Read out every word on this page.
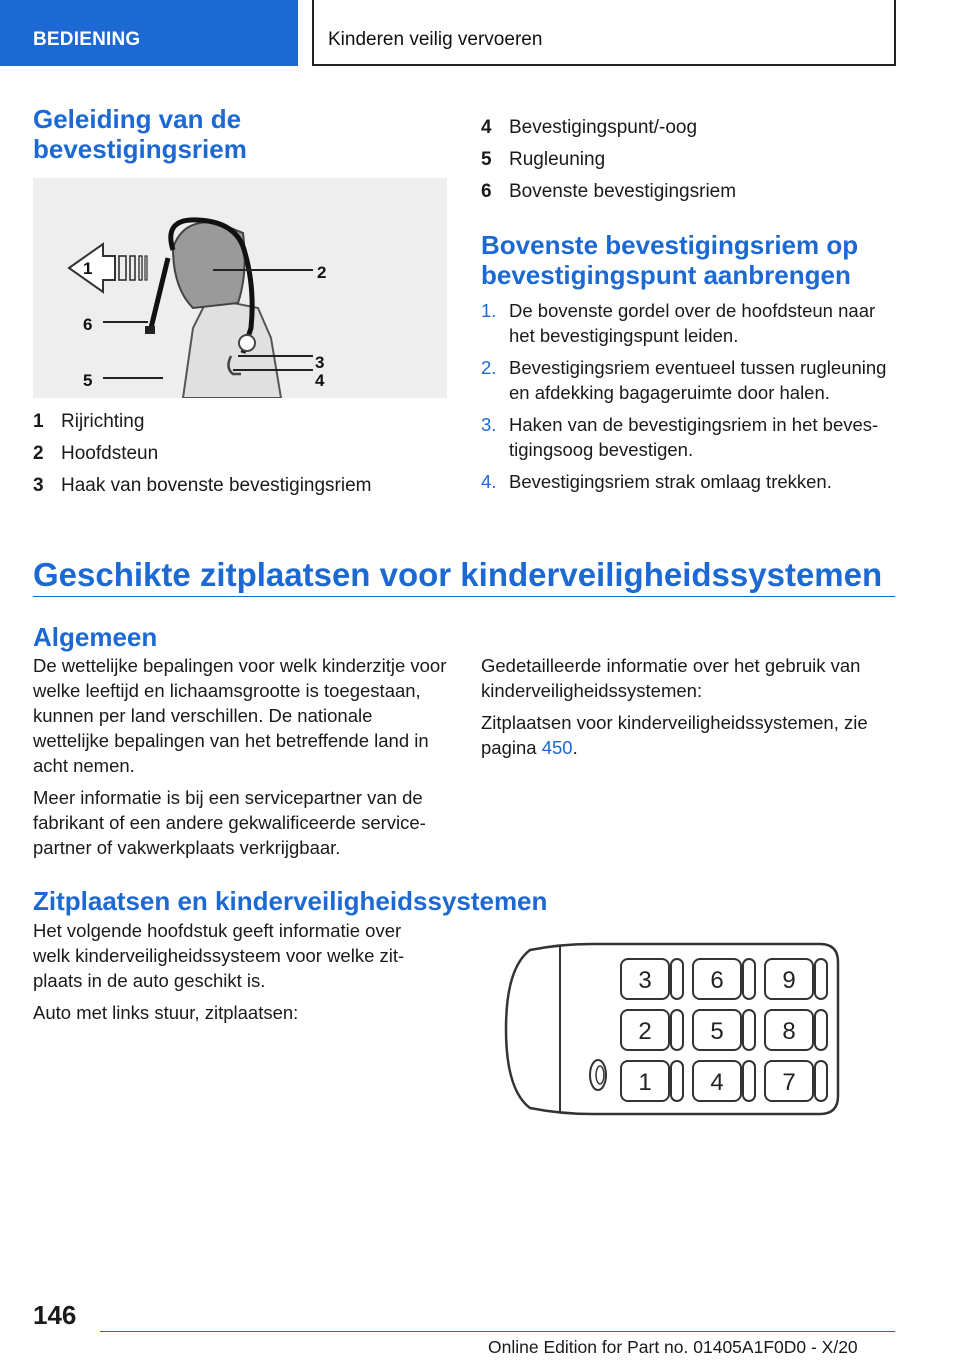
BEDIENING	Kinderen veilig vervoeren
Geleiding van de bevestigingsriem
1	2
3
4
5
6
1 Rijrichting
2 Hoofdsteun
3 Haak van bovenste bevestigingsriem
4 Bevestigingspunt/-oog
5 Rugleuning
6 Bovenste bevestigingsriem
Bovenste bevestigingsriem op bevestigingspunt aanbrengen
1. De bovenste gordel over de hoofdsteun naar het bevestigingspunt leiden.
2. Bevestigingsriem eventueel tussen rugleuning en afdekking bagageruimte door halen.
3. Haken van de bevestigingsriem in het bevestigingsoog bevestigen.
4. Bevestigingsriem strak omlaag trekken.
Geschikte zitplaatsen voor kinderveiligheidssystemen
Algemeen

De wettelijke bepalingen voor welk kinderzitje voor welke leeftijd en lichaamsgrootte is toegestaan, kunnen per land verschillen. De nationale wettelijke bepalingen van het betreffende land in acht nemen.

Meer informatie is bij een servicepartner van de fabrikant of een andere gekwalificeerde servicepartner of vakwerkplaats verkrijgbaar.

Gedetailleerde informatie over het gebruik van kinderveiligheidssystemen:

Zitplaatsen voor kinderveiligheidssystemen, zie pagina 450.

Zitplaatsen en kinderveiligheidssystemen

Het volgende hoofdstuk geeft informatie over welk kinderveiligheidssysteem voor welke zitplaats in de auto geschikt is.

Auto met links stuur, zitplaatsen:

3 6 9
2 5 8
1 4 7
146
Online Edition for Part no. 01405A1F0D0 - X/20
